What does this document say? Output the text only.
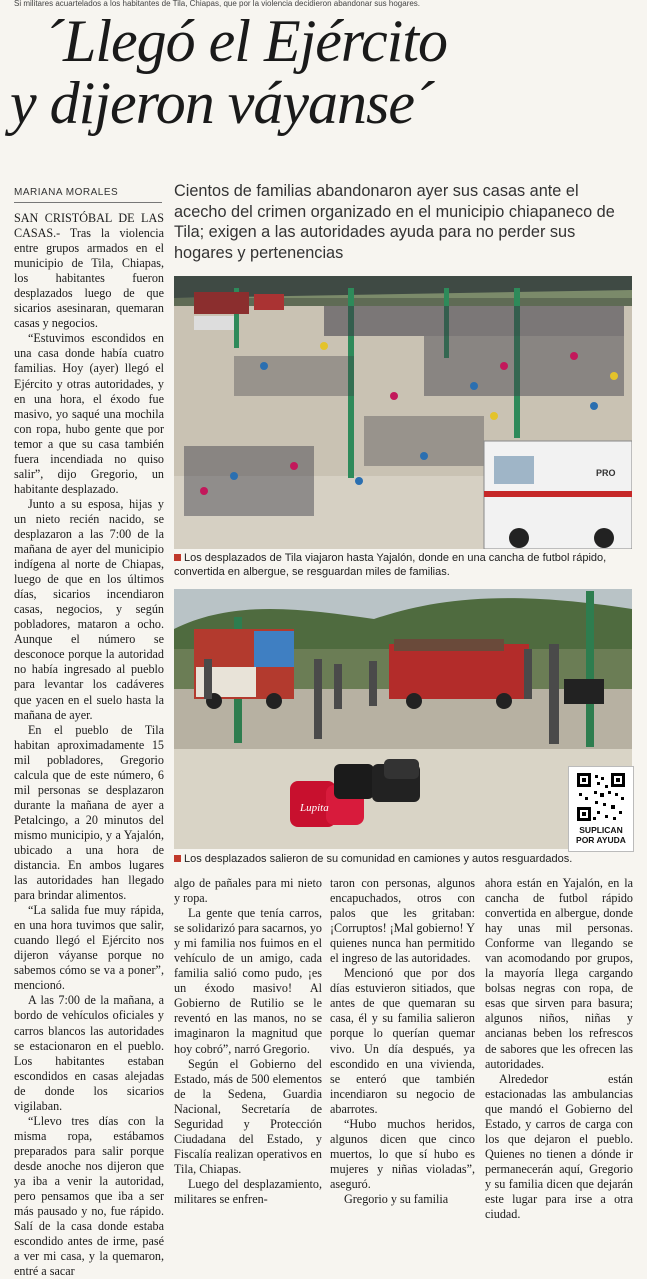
Si militares acuartelados a los habitantes de Tila, Chiapas, que por la violencia decidieron abandonar sus hogares.
´Llegó el Ejército
y dijeron váyanse´
MARIANA MORALES	Cientos de familias abandonaron ayer sus casas ante el acecho del crimen organizado en el municipio chiapaneco de Tila; exigen a las autoridades ayuda para no perder sus hogares y pertenencias
PRO
Los desplazados de Tila viajaron hasta Yajalón, donde en una cancha de futbol rápido, convertida en albergue, se resguardan miles de familias.
Lupita
SUPLICAN POR AYUDA
Los desplazados salieron de su comunidad en camiones y autos resguardados.

SAN CRISTÓBAL DE LAS CASAS.- Tras la violencia entre grupos armados en el municipio de Tila, Chiapas, los habitantes fueron desplazados luego de que sicarios asesinaran, quemaran casas y negocios.

“Estuvimos escondidos en una casa donde había cuatro familias. Hoy (ayer) llegó el Ejército y otras autoridades, y en una hora, el éxodo fue masivo, yo saqué una mochila con ropa, hubo gente que por temor a que su casa también fuera incendiada no quiso salir”, dijo Gregorio, un habitante desplazado.

Junto a su esposa, hijas y un nieto recién nacido, se desplazaron a las 7:00 de la mañana de ayer del municipio indígena al norte de Chiapas, luego de que en los últimos días, sicarios incendiaron casas, negocios, y según pobladores, mataron a ocho. Aunque el número se desconoce porque la autoridad no había ingresado al pueblo para levantar los cadáveres que yacen en el suelo hasta la mañana de ayer.

En el pueblo de Tila habitan aproximadamente 15 mil pobladores, Gregorio calcula que de este número, 6 mil personas se desplazaron durante la mañana de ayer a Petalcingo, a 20 minutos del mismo municipio, y a Yajalón, ubicado a una hora de distancia. En ambos lugares las autoridades han llegado para brindar alimentos.

“La salida fue muy rápida, en una hora tuvimos que salir, cuando llegó el Ejército nos dijeron váyanse porque no sabemos cómo se va a poner”, mencionó.

A las 7:00 de la mañana, a bordo de vehículos oficiales y carros blancos las autoridades se estacionaron en el pueblo. Los habitantes estaban escondidos en casas alejadas de donde los sicarios vigilaban.

“Llevo tres días con la misma ropa, estábamos preparados para salir porque desde anoche nos dijeron que ya iba a venir la autoridad, pero pensamos que iba a ser más pausado y no, fue rápido. Salí de la casa donde estaba escondido antes de irme, pasé a ver mi casa, y la quemaron, entré a sacar

algo de pañales para mi nieto y ropa.

La gente que tenía carros, se solidarizó para sacarnos, yo y mi familia nos fuimos en el vehículo de un amigo, cada familia salió como pudo, ¡es un éxodo masivo! Al Gobierno de Rutilio se le reventó en las manos, no se imaginaron la magnitud que hoy cobró”, narró Gregorio.

Según el Gobierno del Estado, más de 500 elementos de la Sedena, Guardia Nacional, Secretaría de Seguridad y Protección Ciudadana del Estado, y Fiscalía realizan operativos en Tila, Chiapas.

Luego del desplazamiento, militares se enfren-

taron con personas, algunos encapuchados, otros con palos que les gritaban: ¡Corruptos! ¡Mal gobierno! Y quienes nunca han permitido el ingreso de las autoridades.

Mencionó que por dos días estuvieron sitiados, que antes de que quemaran su casa, él y su familia salieron porque lo querían quemar vivo. Un día después, ya escondido en una vivienda, se enteró que también incendiaron su negocio de abarrotes.

“Hubo muchos heridos, algunos dicen que cinco muertos, lo que sí hubo es mujeres y niñas violadas”, aseguró.

Gregorio y su familia

ahora están en Yajalón, en la cancha de futbol rápido convertida en albergue, donde hay unas mil personas. Conforme van llegando se van acomodando por grupos, la mayoría llega cargando bolsas negras con ropa, de esas que sirven para basura; algunos niños, niñas y ancianas beben los refrescos de sabores que les ofrecen las autoridades.

Alrededor están estacionadas las ambulancias que mandó el Gobierno del Estado, y carros de carga con los que dejaron el pueblo. Quienes no tienen a dónde ir permanecerán aquí, Gregorio y su familia dicen que dejarán este lugar para irse a otra ciudad.
